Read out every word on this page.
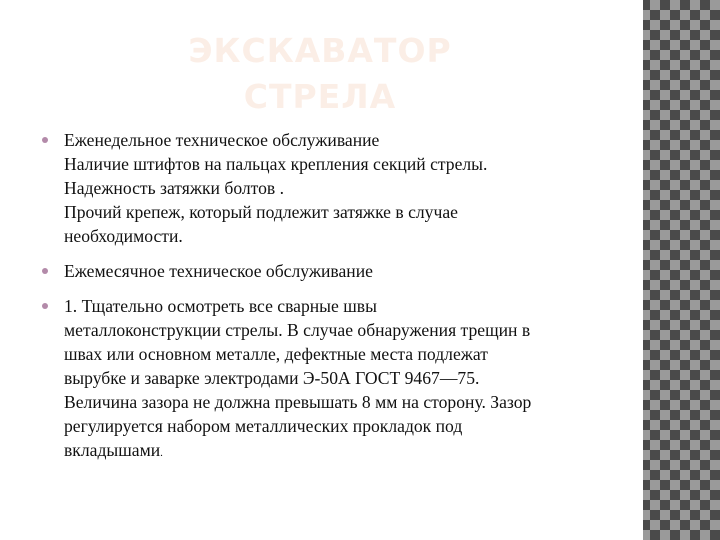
ЭКСКАВАТОР
СТРЕЛА
Еженедельное техническое обслуживание
Наличие штифтов на пальцах крепления секций стрелы.
Надежность затяжки болтов .
Прочий крепеж, который подлежит затяжке в случае
необходимости.
Ежемесячное техническое обслуживание
1. Тщательно осмотреть все сварные швы
металлоконструкции стрелы. В случае обнаружения трещин в
швах или основном металле, дефектные места подлежат
вырубке и заварке электродами Э-50А ГОСТ 9467—75.
Величина зазора не должна превышать 8 мм на сторону. Зазор
регулируется набором металлических прокладок под
вкладышами.
